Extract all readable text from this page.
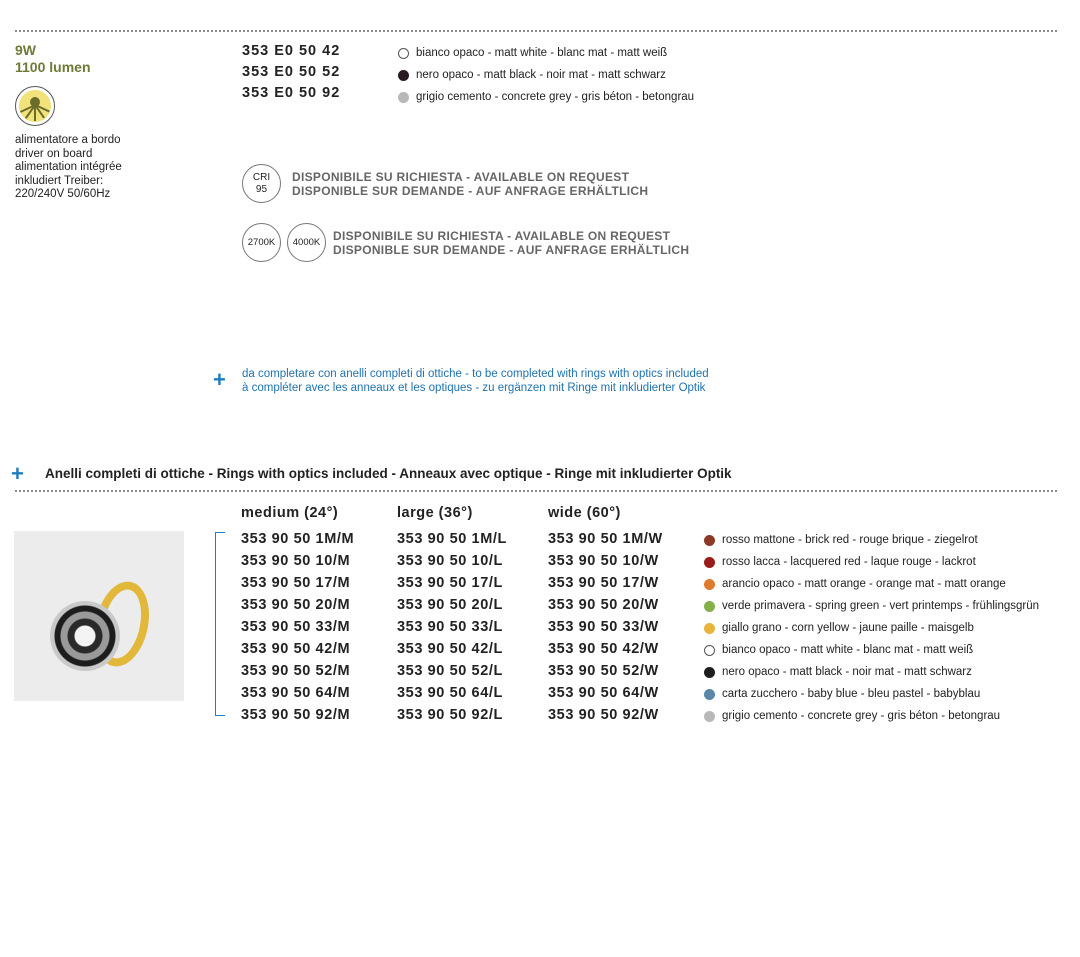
9W
1100 lumen
alimentatore a bordo
driver on board
alimentation intégrée
inkludiert Treiber:
220/240V 50/60Hz
353 E0 50 42
353 E0 50 52
353 E0 50 92
bianco opaco - matt white - blanc mat - matt weiß
nero opaco - matt black - noir mat - matt schwarz
grigio cemento - concrete grey - gris béton - betongrau
CRI
95
DISPONIBILE SU RICHIESTA - AVAILABLE ON REQUEST
DISPONIBLE SUR DEMANDE - AUF ANFRAGE ERHÄLTLICH
2700K 4000K DISPONIBILE SU RICHIESTA - AVAILABLE ON REQUEST
DISPONIBLE SUR DEMANDE - AUF ANFRAGE ERHÄLTLICH
+ da completare con anelli completi di ottiche - to be completed with rings with optics included
à compléter avec les anneaux et les optiques - zu ergänzen mit Ringe mit inkludierter Optik
+ Anelli completi di ottiche - Rings with optics included - Anneaux avec optique - Ringe mit inkludierter Optik
medium (24°)	large (36°)	wide (60°)
353 90 50 1M/M
353 90 50 10/M
353 90 50 17/M
353 90 50 20/M
353 90 50 33/M
353 90 50 42/M
353 90 50 52/M
353 90 50 64/M
353 90 50 92/M
353 90 50 1M/L
353 90 50 10/L
353 90 50 17/L
353 90 50 20/L
353 90 50 33/L
353 90 50 42/L
353 90 50 52/L
353 90 50 64/L
353 90 50 92/L
353 90 50 1M/W
353 90 50 10/W
353 90 50 17/W
353 90 50 20/W
353 90 50 33/W
353 90 50 42/W
353 90 50 52/W
353 90 50 64/W
353 90 50 92/W
rosso mattone - brick red - rouge brique - ziegelrot
rosso lacca - lacquered red - laque rouge - lackrot
arancio opaco - matt orange - orange mat - matt orange
verde primavera - spring green - vert printemps - frühlingsgrün
giallo grano - corn yellow - jaune paille - maisgelb
bianco opaco - matt white - blanc mat - matt weiß
nero opaco - matt black - noir mat - matt schwarz
carta zucchero - baby blue - bleu pastel - babyblau
grigio cemento - concrete grey - gris béton - betongrau
